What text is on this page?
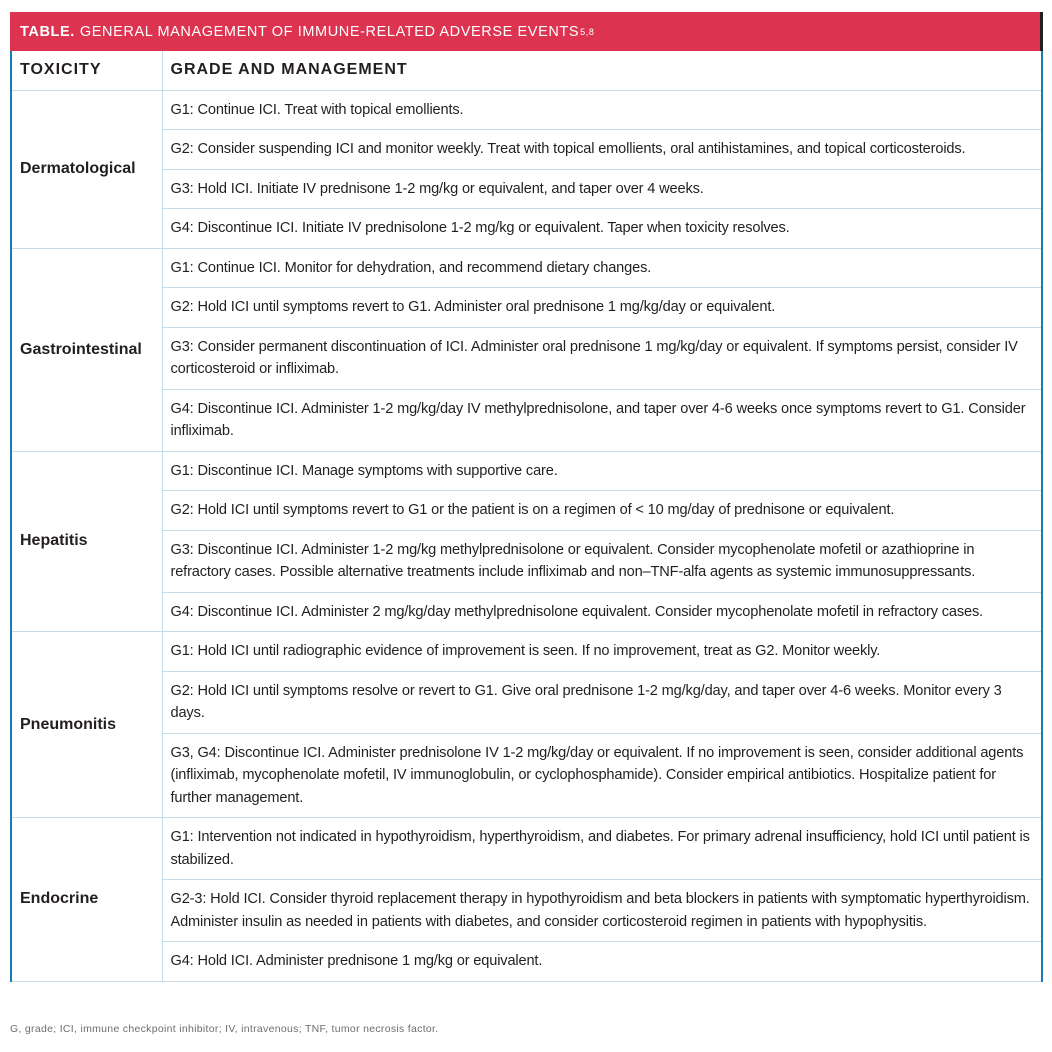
TABLE. GENERAL MANAGEMENT OF IMMUNE-RELATED ADVERSE EVENTS 5,8
TOXICITY	GRADE AND MANAGEMENT
Dermatological	G1: Continue ICI. Treat with topical emollients.
	G2: Consider suspending ICI and monitor weekly. Treat with topical emollients, oral antihistamines, and topical corticosteroids.
	G3: Hold ICI. Initiate IV prednisone 1-2 mg/kg or equivalent, and taper over 4 weeks.
	G4: Discontinue ICI. Initiate IV prednisolone 1-2 mg/kg or equivalent. Taper when toxicity resolves.
Gastrointestinal	G1: Continue ICI. Monitor for dehydration, and recommend dietary changes.
	G2: Hold ICI until symptoms revert to G1. Administer oral prednisone 1 mg/kg/day or equivalent.
	G3: Consider permanent discontinuation of ICI. Administer oral prednisone 1 mg/kg/day or equivalent. If symptoms persist, consider IV corticosteroid or infliximab.
	G4: Discontinue ICI. Administer 1-2 mg/kg/day IV methylprednisolone, and taper over 4-6 weeks once symptoms revert to G1. Consider infliximab.
Hepatitis	G1: Discontinue ICI. Manage symptoms with supportive care.
	G2: Hold ICI until symptoms revert to G1 or the patient is on a regimen of < 10 mg/day of prednisone or equivalent.
	G3: Discontinue ICI. Administer 1-2 mg/kg methylprednisolone or equivalent. Consider mycophenolate mofetil or azathioprine in refractory cases. Possible alternative treatments include infliximab and non–TNF-alfa agents as systemic immunosuppressants.
	G4: Discontinue ICI. Administer 2 mg/kg/day methylprednisolone equivalent. Consider mycophenolate mofetil in refractory cases.
Pneumonitis	G1: Hold ICI until radiographic evidence of improvement is seen. If no improvement, treat as G2. Monitor weekly.
	G2: Hold ICI until symptoms resolve or revert to G1. Give oral prednisone 1-2 mg/kg/day, and taper over 4-6 weeks. Monitor every 3 days.
	G3, G4: Discontinue ICI. Administer prednisolone IV 1-2 mg/kg/day or equivalent. If no improvement is seen, consider additional agents (infliximab, mycophenolate mofetil, IV immunoglobulin, or cyclophosphamide). Consider empirical antibiotics. Hospitalize patient for further management.
Endocrine	G1: Intervention not indicated in hypothyroidism, hyperthyroidism, and diabetes. For primary adrenal insufficiency, hold ICI until patient is stabilized.
	G2-3: Hold ICI. Consider thyroid replacement therapy in hypothyroidism and beta blockers in patients with symptomatic hyperthyroidism. Administer insulin as needed in patients with diabetes, and consider corticosteroid regimen in patients with hypophysitis.
	G4: Hold ICI. Administer prednisone 1 mg/kg or equivalent.
G, grade; ICI, immune checkpoint inhibitor; IV, intravenous; TNF, tumor necrosis factor.
